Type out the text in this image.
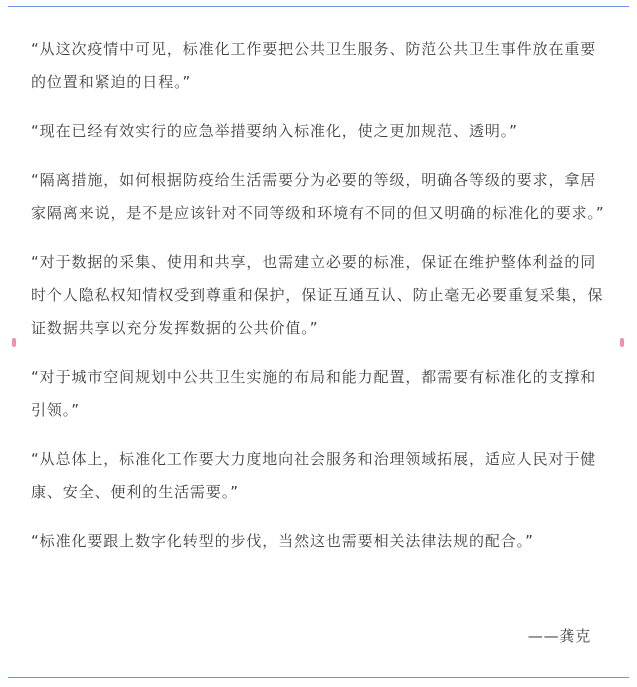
“从这次疫情中可见，标准化工作要把公共卫生服务、防范公共卫生事件放在重要的位置和紧迫的日程。”

“现在已经有效实行的应急举措要纳入标准化，使之更加规范、透明。”

“隔离措施，如何根据防疫给生活需要分为必要的等级，明确各等级的要求，拿居家隔离来说，是不是应该针对不同等级和环境有不同的但又明确的标准化的要求。”

“对于数据的采集、使用和共享，也需建立必要的标准，保证在维护整体利益的同时个人隐私权知情权受到尊重和保护，保证互通互认、防止毫无必要重复采集，保证数据共享以充分发挥数据的公共价值。”

“对于城市空间规划中公共卫生实施的布局和能力配置，都需要有标准化的支撑和引领。”

“从总体上，标准化工作要大力度地向社会服务和治理领域拓展，适应人民对于健康、安全、便利的生活需要。”

“标准化要跟上数字化转型的步伐，当然这也需要相关法律法规的配合。”

——龚克
